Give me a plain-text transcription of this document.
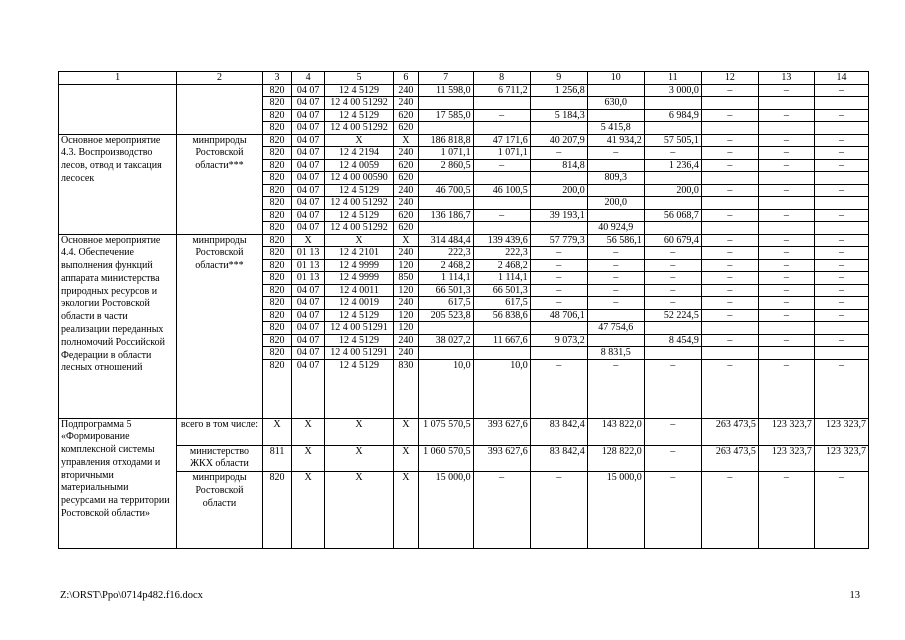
1	2	3	4	5	6	7	8	9	10	11	12	13	14
		820	04 07	12 4 5129	240	11 598,0	6 711,2	1 256,8		3 000,0	–	–	–
		820	04 07	12 4 00 51292	240				630,0				
		820	04 07	12 4 5129	620	17 585,0	–	5 184,3		6 984,9	–	–	–
		820	04 07	12 4 00 51292	620				5 415,8				
Основное мероприятие 4.3. Воспроизводство лесов, отвод и таксация лесосек	минприроды Ростовской области***	820	04 07	Х	Х	186 818,8	47 171,6	40 207,9	41 934,2	57 505,1	–	–	–
		820	04 07	12 4 2194	240	1 071,1	1 071,1	–	–	–	–	–	–
		820	04 07	12 4 0059	620	2 860,5	–	814,8		1 236,4	–	–	–
		820	04 07	12 4 00 00590	620				809,3				
		820	04 07	12 4 5129	240	46 700,5	46 100,5	200,0		200,0	–	–	–
		820	04 07	12 4 00 51292	240				200,0				
		820	04 07	12 4 5129	620	136 186,7	–	39 193,1		56 068,7	–	–	–
		820	04 07	12 4 00 51292	620				40 924,9				
Основное мероприятие 4.4. Обеспечение выполнения функций аппарата министерства природных ресурсов и экологии Ростовской области в части реализации переданных полномочий Российской Федерации в области лесных отношений	минприроды Ростовской области***	820	Х	Х	Х	314 484,4	139 439,6	57 779,3	56 586,1	60 679,4	–	–	–
		820	01 13	12 4 2101	240	222,3	222,3	–	–	–	–	–	–
		820	01 13	12 4 9999	120	2 468,2	2 468,2	–	–	–	–	–	–
		820	01 13	12 4 9999	850	1 114,1	1 114,1	–	–	–	–	–	–
		820	04 07	12 4 0011	120	66 501,3	66 501,3	–	–	–	–	–	–
		820	04 07	12 4 0019	240	617,5	617,5	–	–	–	–	–	–
		820	04 07	12 4 5129	120	205 523,8	56 838,6	48 706,1		52 224,5	–	–	–
		820	04 07	12 4 00 51291	120				47 754,6				
		820	04 07	12 4 5129	240	38 027,2	11 667,6	9 073,2		8 454,9	–	–	–
		820	04 07	12 4 00 51291	240				8 831,5				
		820	04 07	12 4 5129	830	10,0	10,0	–	–	–	–	–	–
Подпрограмма 5 «Формирование комплексной системы управления отходами и вторичными материальными ресурсами на территории Ростовской области»	всего в том числе:	Х	Х	Х	Х	1 075 570,5	393 627,6	83 842,4	143 822,0	–	263 473,5	123 323,7	123 323,7
	министерство ЖКХ области	811	Х	Х	Х	1 060 570,5	393 627,6	83 842,4	128 822,0	–	263 473,5	123 323,7	123 323,7
	минприроды Ростовской области	820	Х	Х	Х	15 000,0	–	–	15 000,0	–	–	–	–
Z:\ORST\Ppo\0714p482.f16.docx	13
